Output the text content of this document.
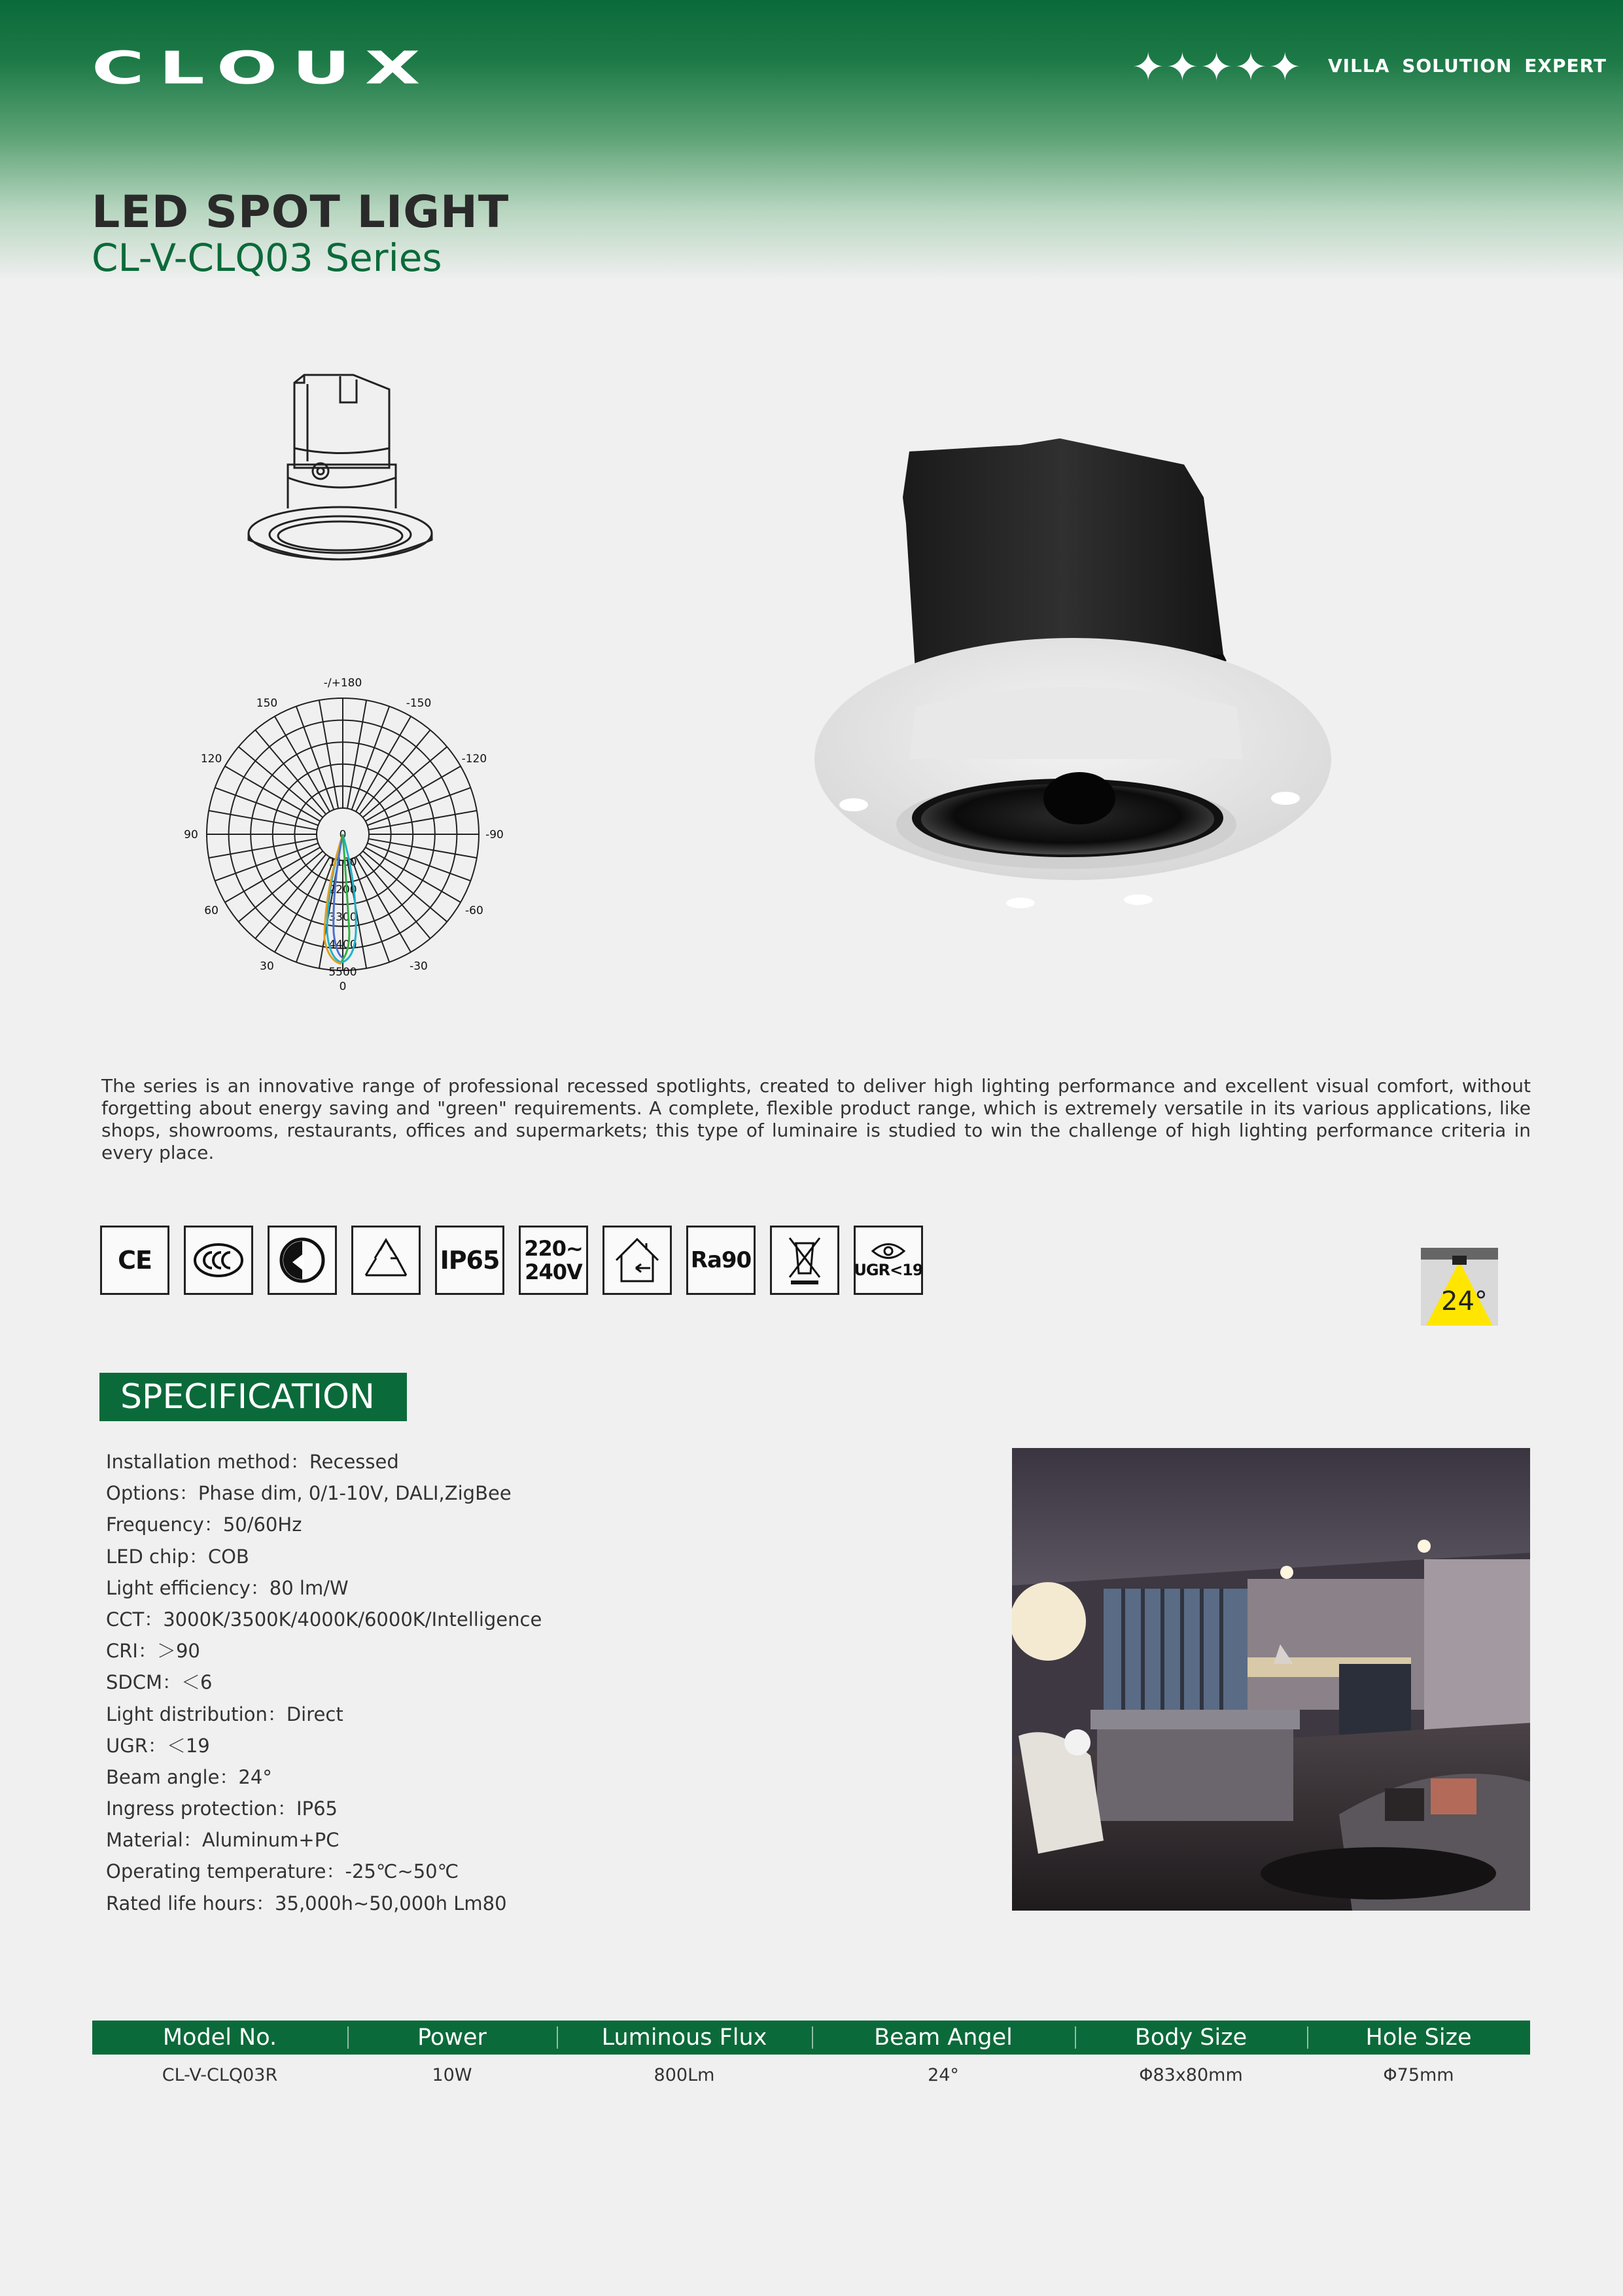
CLOUX	✦✦✦✦✦ VILLA SOLUTION EXPERT
LED SPOT LIGHT
CL-V-CLQ03 Series
-/+180
-150
150
-120
120
-90
90
-60
60
-30
30
0
0
1100
2200
3300
4400
5500

The series is an innovative range of professional recessed spotlights, created to deliver high lighting performance and excellent visual comfort, without forgetting about energy saving and "green" requirements. A complete, flexible product range, which is extremely versatile in its various applications, like shops, showrooms, restaurants, offices and supermarkets; this type of luminaire is studied to win the challenge of high lighting performance criteria in every place.

CE	IP65 220~
240V	Ra90	UGR<19
24°
SPECIFICATION
Installation method：Recessed
Options：Phase dim, 0/1-10V, DALI,ZigBee
Frequency：50/60Hz
LED chip：COB
Light efficiency：80 lm/W
CCT：3000K/3500K/4000K/6000K/Intelligence
CRI：＞90
SDCM：＜6
Light distribution：Direct
UGR：＜19
Beam angle：24°
Ingress protection：IP65
Material：Aluminum+PC
Operating temperature：-25℃~50℃
Rated life hours：35,000h~50,000h Lm80
Model No.	Power	Luminous Flux	Beam Angel	Body Size	Hole Size
CL-V-CLQ03R	10W	800Lm	24°	Φ83x80mm	Φ75mm
